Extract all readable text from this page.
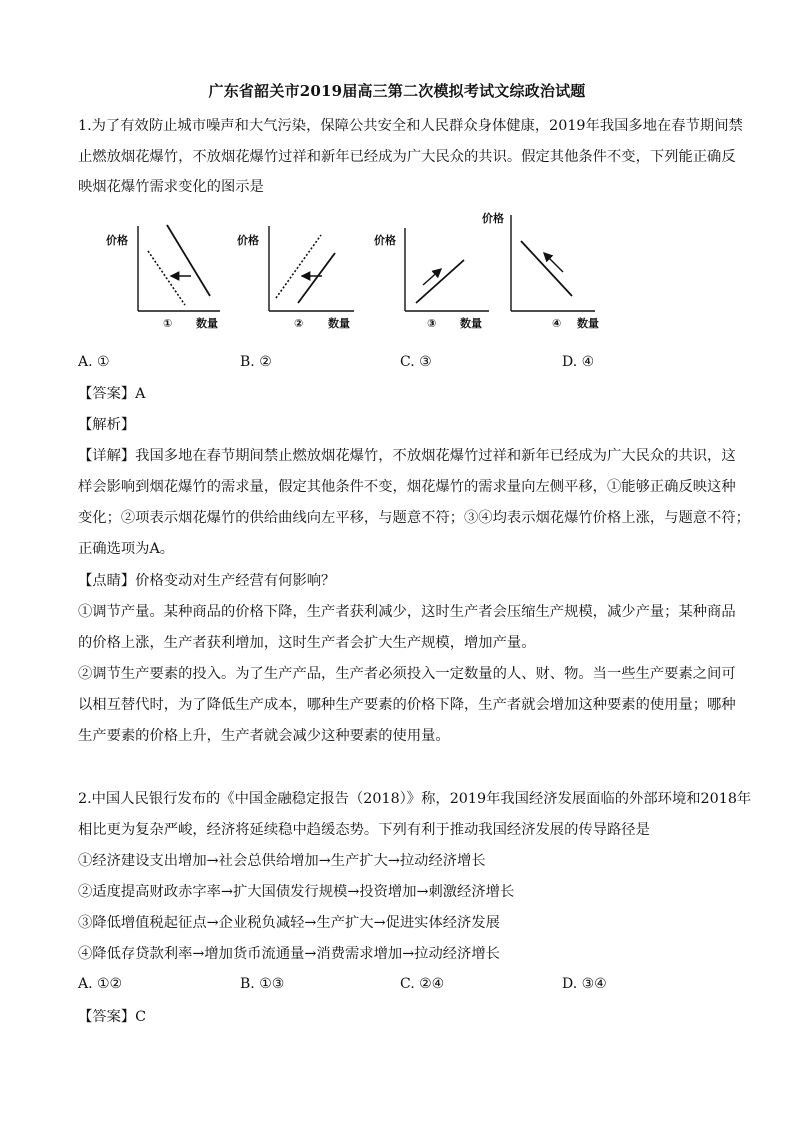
广东省韶关市2019届高三第二次模拟考试文综政治试题
1.为了有效防止城市噪声和大气污染，保障公共安全和人民群众身体健康，2019年我国多地在春节期间禁
止燃放烟花爆竹，不放烟花爆竹过祥和新年已经成为广大民众的共识。假定其他条件不变，下列能正确反
映烟花爆竹需求变化的图示是
价格
① 数量
价格
② 数量
价格
③ 数量
价格
④ 数量
A. ①	B. ②	C. ③	D. ④
【答案】A
【解析】
【详解】我国多地在春节期间禁止燃放烟花爆竹，不放烟花爆竹过祥和新年已经成为广大民众的共识，这
样会影响到烟花爆竹的需求量，假定其他条件不变，烟花爆竹的需求量向左侧平移，①能够正确反映这种
变化；②项表示烟花爆竹的供给曲线向左平移，与题意不符；③④均表示烟花爆竹价格上涨，与题意不符；
正确选项为A。
【点睛】价格变动对生产经营有何影响？
①调节产量。某种商品的价格下降，生产者获利减少，这时生产者会压缩生产规模，减少产量；某种商品
的价格上涨，生产者获利增加，这时生产者会扩大生产规模，增加产量。
②调节生产要素的投入。为了生产产品，生产者必须投入一定数量的人、财、物。当一些生产要素之间可
以相互替代时，为了降低生产成本，哪种生产要素的价格下降，生产者就会增加这种要素的使用量；哪种
生产要素的价格上升，生产者就会减少这种要素的使用量。
2.中国人民银行发布的《中国金融稳定报告（2018）》称，2019年我国经济发展面临的外部环境和2018年
相比更为复杂严峻，经济将延续稳中趋缓态势。下列有利于推动我国经济发展的传导路径是
①经济建设支出增加→社会总供给增加→生产扩大→拉动经济增长
②适度提高财政赤字率→扩大国债发行规模→投资增加→刺激经济增长
③降低增值税起征点→企业税负减轻→生产扩大→促进实体经济发展
④降低存贷款利率→增加货币流通量→消费需求增加→拉动经济增长
A. ①②	B. ①③	C. ②④	D. ③④
【答案】C
